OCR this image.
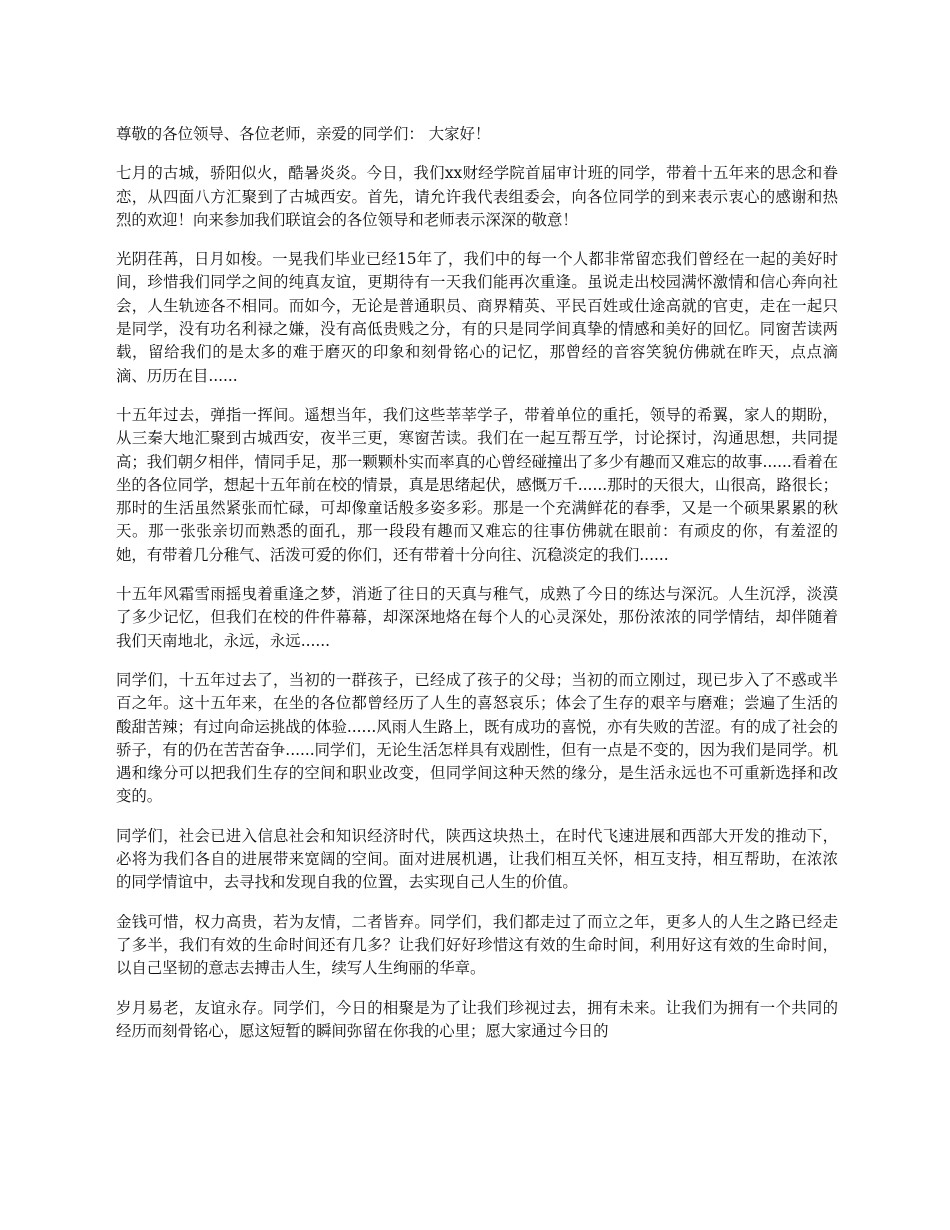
尊敬的各位领导、各位老师，亲爱的同学们： 大家好！

七月的古城，骄阳似火，酷暑炎炎。今日，我们xx财经学院首届审计班的同学，带着十五年来的思念和眷恋，从四面八方汇聚到了古城西安。首先，请允许我代表组委会，向各位同学的到来表示衷心的感谢和热烈的欢迎！向来参加我们联谊会的各位领导和老师表示深深的敬意！

光阴荏苒，日月如梭。一晃我们毕业已经15年了，我们中的每一个人都非常留恋我们曾经在一起的美好时间，珍惜我们同学之间的纯真友谊，更期待有一天我们能再次重逢。虽说走出校园满怀激情和信心奔向社会，人生轨迹各不相同。而如今，无论是普通职员、商界精英、平民百姓或仕途高就的官吏，走在一起只是同学，没有功名利禄之嫌，没有高低贵贱之分，有的只是同学间真挚的情感和美好的回忆。同窗苦读两载，留给我们的是太多的难于磨灭的印象和刻骨铭心的记忆，那曾经的音容笑貌仿佛就在昨天，点点滴滴、历历在目......

十五年过去，弹指一挥间。遥想当年，我们这些莘莘学子，带着单位的重托，领导的希翼，家人的期盼，从三秦大地汇聚到古城西安，夜半三更，寒窗苦读。我们在一起互帮互学，讨论探讨，沟通思想，共同提高；我们朝夕相伴，情同手足，那一颗颗朴实而率真的心曾经碰撞出了多少有趣而又难忘的故事......看着在坐的各位同学，想起十五年前在校的情景，真是思绪起伏，感慨万千......那时的天很大，山很高，路很长；那时的生活虽然紧张而忙碌，可却像童话般多姿多彩。那是一个充满鲜花的春季，又是一个硕果累累的秋天。那一张张亲切而熟悉的面孔，那一段段有趣而又难忘的往事仿佛就在眼前：有顽皮的你，有羞涩的她，有带着几分稚气、活泼可爱的你们，还有带着十分向往、沉稳淡定的我们......

十五年风霜雪雨摇曳着重逢之梦，消逝了往日的天真与稚气，成熟了今日的练达与深沉。人生沉浮，淡漠了多少记忆，但我们在校的件件幕幕，却深深地烙在每个人的心灵深处，那份浓浓的同学情结，却伴随着我们天南地北，永远，永远......

同学们，十五年过去了，当初的一群孩子，已经成了孩子的父母；当初的而立刚过，现已步入了不惑或半百之年。这十五年来，在坐的各位都曾经历了人生的喜怒哀乐；体会了生存的艰辛与磨难；尝遍了生活的酸甜苦辣；有过向命运挑战的体验......风雨人生路上，既有成功的喜悦，亦有失败的苦涩。有的成了社会的骄子，有的仍在苦苦奋争......同学们，无论生活怎样具有戏剧性，但有一点是不变的，因为我们是同学。机遇和缘分可以把我们生存的空间和职业改变，但同学间这种天然的缘分，是生活永远也不可重新选择和改变的。

同学们，社会已进入信息社会和知识经济时代，陕西这块热土，在时代飞速进展和西部大开发的推动下，必将为我们各自的进展带来宽阔的空间。面对进展机遇，让我们相互关怀，相互支持，相互帮助，在浓浓的同学情谊中，去寻找和发现自我的位置，去实现自己人生的价值。

金钱可惜，权力高贵，若为友情，二者皆弃。同学们，我们都走过了而立之年，更多人的人生之路已经走了多半，我们有效的生命时间还有几多？让我们好好珍惜这有效的生命时间，利用好这有效的生命时间，以自己坚韧的意志去搏击人生，续写人生绚丽的华章。

岁月易老，友谊永存。同学们，今日的相聚是为了让我们珍视过去，拥有未来。让我们为拥有一个共同的经历而刻骨铭心，愿这短暂的瞬间弥留在你我的心里；愿大家通过今日的
